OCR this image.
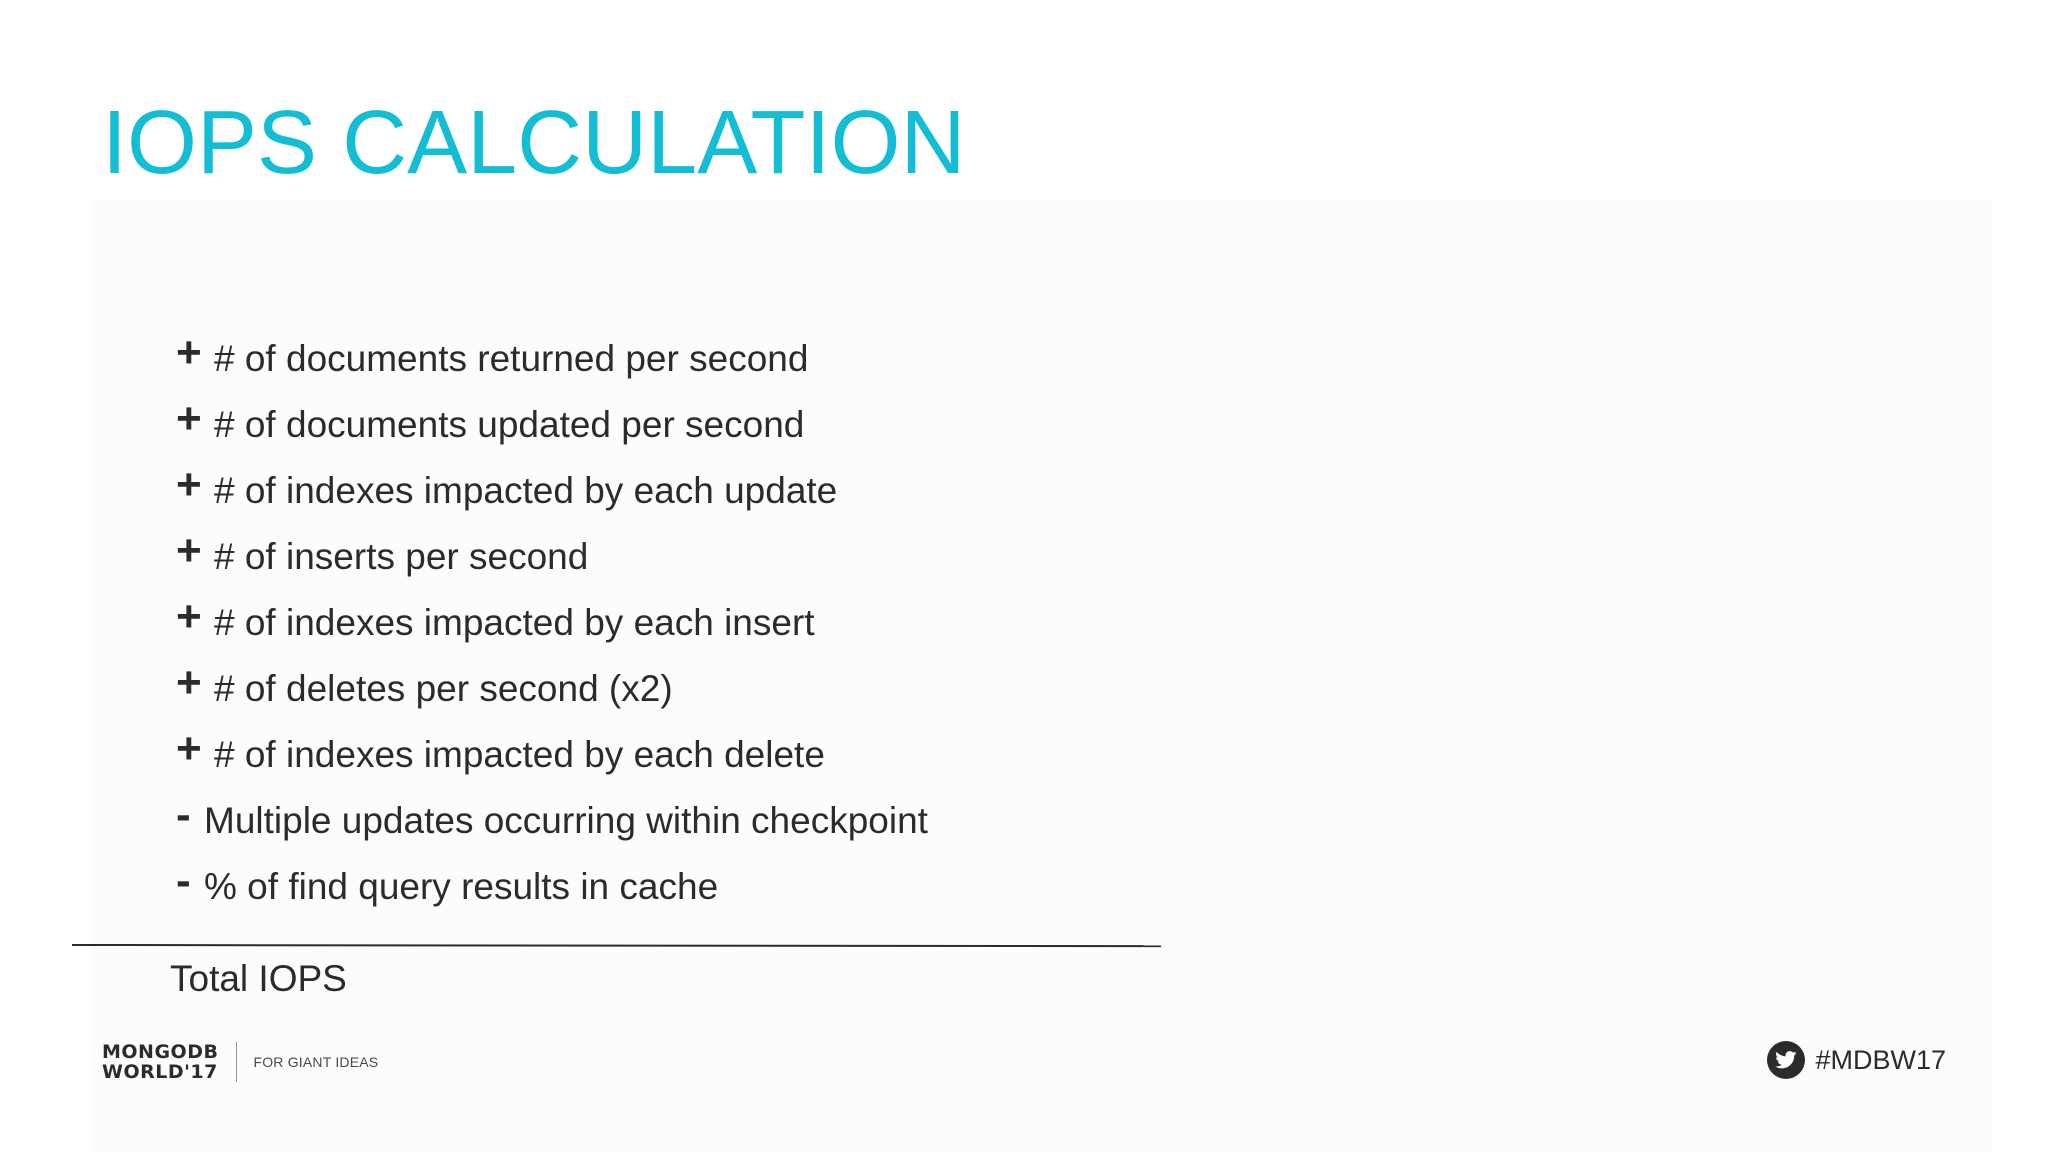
IOPS CALCULATION
+ # of documents returned per second
+ # of documents updated per second
+ # of indexes impacted by each update
+ # of inserts per second
+ # of indexes impacted by each insert
+ # of deletes per second (x2)
+ # of indexes impacted by each delete
- Multiple updates occurring within checkpoint
- % of find query results in cache
Total IOPS
MONGODB
WORLD'17	FOR GIANT IDEAS	#MDBW17
